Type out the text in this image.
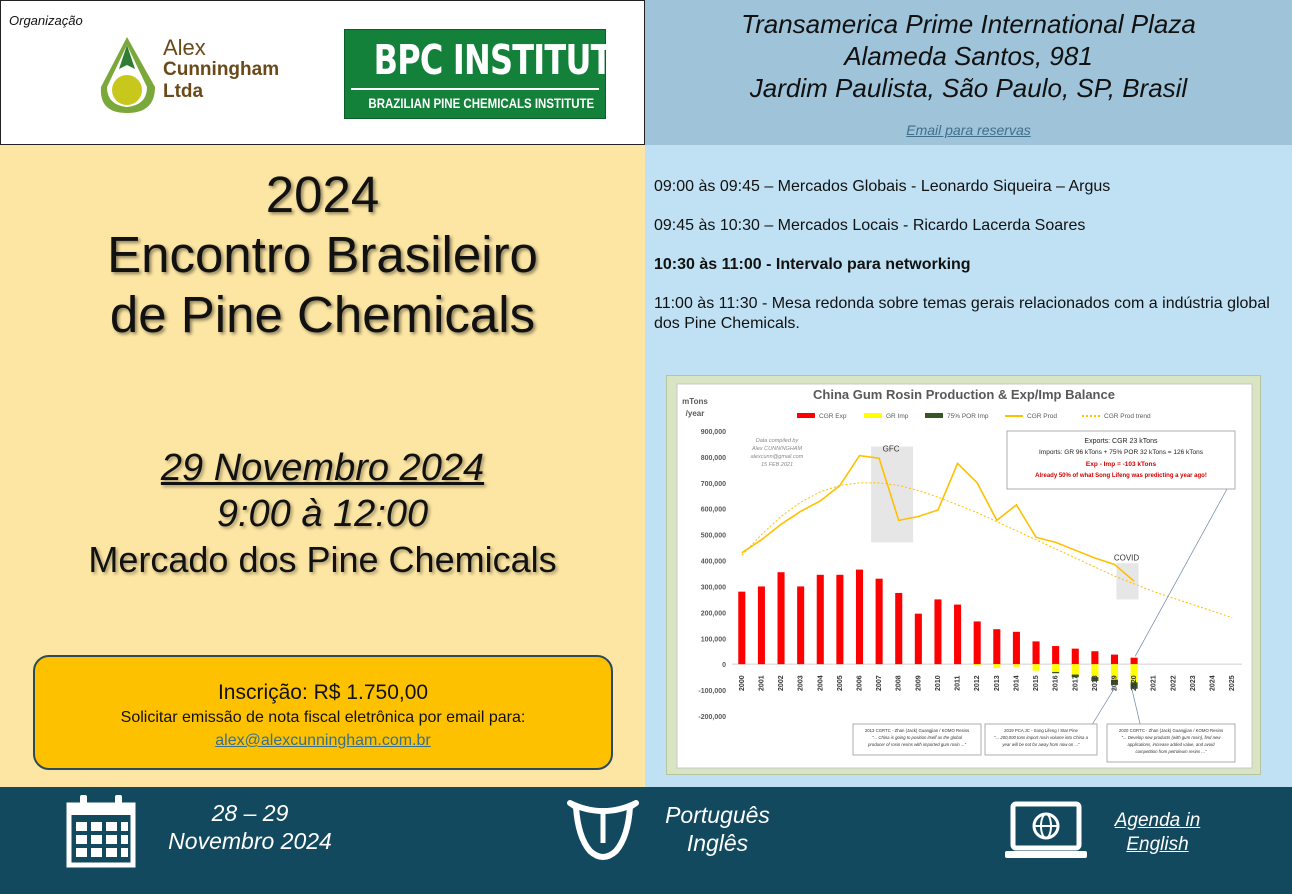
Organização
Alex
Cunningham
Ltda
BPC INSTITUTE
BRAZILIAN PINE CHEMICALS INSTITUTE
Transamerica Prime International Plaza
Alameda Santos, 981
Jardim Paulista, São Paulo, SP, Brasil
Email para reservas
2024
Encontro Brasileiro
de Pine Chemicals
29 Novembro 2024
9:00 à 12:00
Mercado dos Pine Chemicals
Inscrição: R$ 1.750,00
Solicitar emissão de nota fiscal eletrônica por email para:
alex@alexcunningham.com.br

09:00 às 09:45 – Mercados Globais - Leonardo Siqueira – Argus

09:45 às 10:30 – Mercados Locais - Ricardo Lacerda Soares

10:30 às 11:00 - Intervalo para networking

11:00 às 11:30 - Mesa redonda sobre temas gerais relacionados com a indústria global dos Pine Chemicals.

China Gum Rosin Production & Exp/Imp Balance
mTons
/year	CGR Exp	GR Imp	75% POR Imp	CGR Prod	CGR Prod trend
900,000
800,000
700,000
600,000
500,000
400,000
300,000
200,000
100,000
0
-100,000
-200,000
GFC
COVID
2000 2001 2002 2003 2004 2005 2006 2007 2008 2009 2010 2011 2012 2013 2014 2015 2016 2017 2018 2019 2020 2021 2022 2023 2024 2025
Data compiled by
Alex CUNNINGHAM
alexcunn@gmail.com
15 FEB 2021
Exports: CGR 23 kTons
Imports: GR 96 kTons + 75% POR 32 kTons = 126 kTons
Exp - Imp = -103 kTons
Already 50% of what Song Lifeng was predicting a year ago!
2013 CGRTC - Zhan (Jack) Guangjian / KOMO Resins
"... China is going to position itself as the global
producer of rosin resins with imported gum rosin ..."
2019 PCA JC - Song Lifeng / Star Pine
"... 200,000 tons import rosin volume into China a
year will be not far away from now on ..."
2020 CGRTC - Zhan (Jack) Guangjian / KOMO Resins
"... Develop new products (with gum rosin), find new
applications, increase added value, and avoid
competition from petroleum resins ..."
28 – 29
Novembro 2024
Português
Inglês
Agenda in
English
